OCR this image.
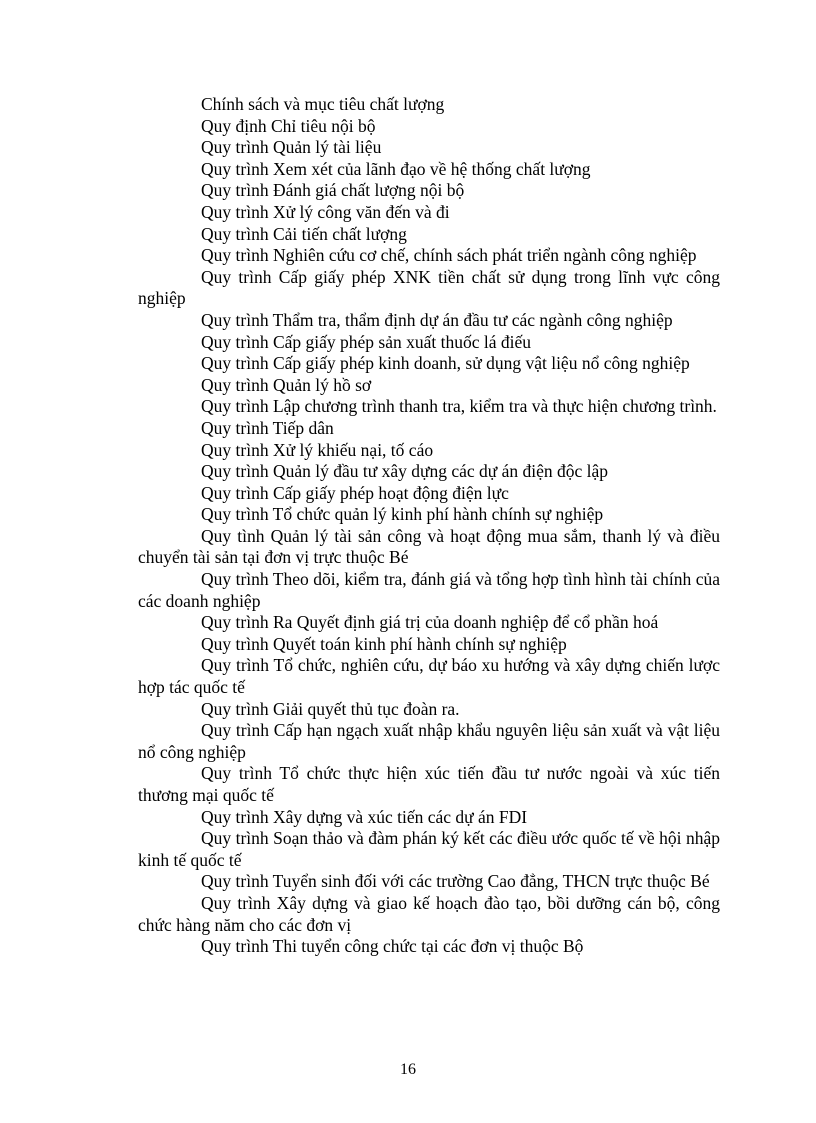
Chính sách và mục tiêu chất lượng

Quy định Chỉ tiêu nội bộ

Quy trình Quản lý tài liệu

Quy trình Xem xét của lãnh đạo về hệ thống chất lượng

Quy trình Đánh giá chất lượng nội bộ

Quy trình Xử lý công văn đến và đi

Quy trình Cải tiến chất lượng

Quy trình Nghiên cứu cơ chế, chính sách phát triển ngành công nghiệp

Quy trình Cấp giấy phép XNK tiền chất sử dụng trong lĩnh vực công nghiệp

Quy trình Thẩm tra, thẩm định dự án đầu tư các ngành công nghiệp

Quy trình Cấp giấy phép sản xuất thuốc lá điếu

Quy trình Cấp giấy phép kinh doanh, sử dụng vật liệu nổ công nghiệp

Quy trình Quản lý hồ sơ

Quy trình Lập chương trình thanh tra, kiểm tra và thực hiện chương trình.

Quy trình Tiếp dân

Quy trình Xử lý khiếu nại, tố cáo

Quy trình Quản lý đầu tư xây dựng các dự án điện độc lập

Quy trình Cấp giấy phép hoạt động điện lực

Quy trình Tổ chức quản lý kinh phí hành chính sự nghiệp

Quy tình Quản lý tài sản công và hoạt động mua sắm, thanh lý và điều chuyển tài sản tại đơn vị trực thuộc Bé

Quy trình Theo dõi, kiểm tra, đánh giá và tổng hợp tình hình tài chính của các doanh nghiệp

Quy trình Ra Quyết định giá trị của doanh nghiệp để cổ phần hoá

Quy trình Quyết toán kinh phí hành chính sự nghiệp

Quy trình Tổ chức, nghiên cứu, dự báo xu hướng và xây dựng chiến lược hợp tác quốc tế

Quy trình Giải quyết thủ tục đoàn ra.

Quy trình Cấp hạn ngạch xuất nhập khẩu nguyên liệu sản xuất và vật liệu nổ công nghiệp

Quy trình Tổ chức thực hiện xúc tiến đầu tư nước ngoài và xúc tiến thương mại quốc tế

Quy trình Xây dựng và xúc tiến các dự án FDI

Quy trình Soạn thảo và đàm phán ký kết các điều ước quốc tế về hội nhập kinh tế quốc tế

Quy trình Tuyển sinh đối với các trường Cao đẳng, THCN trực thuộc Bé

Quy trình Xây dựng và giao kế hoạch đào tạo, bồi dưỡng cán bộ, công chức hàng năm cho các đơn vị

Quy trình Thi tuyển công chức tại các đơn vị thuộc Bộ

16
